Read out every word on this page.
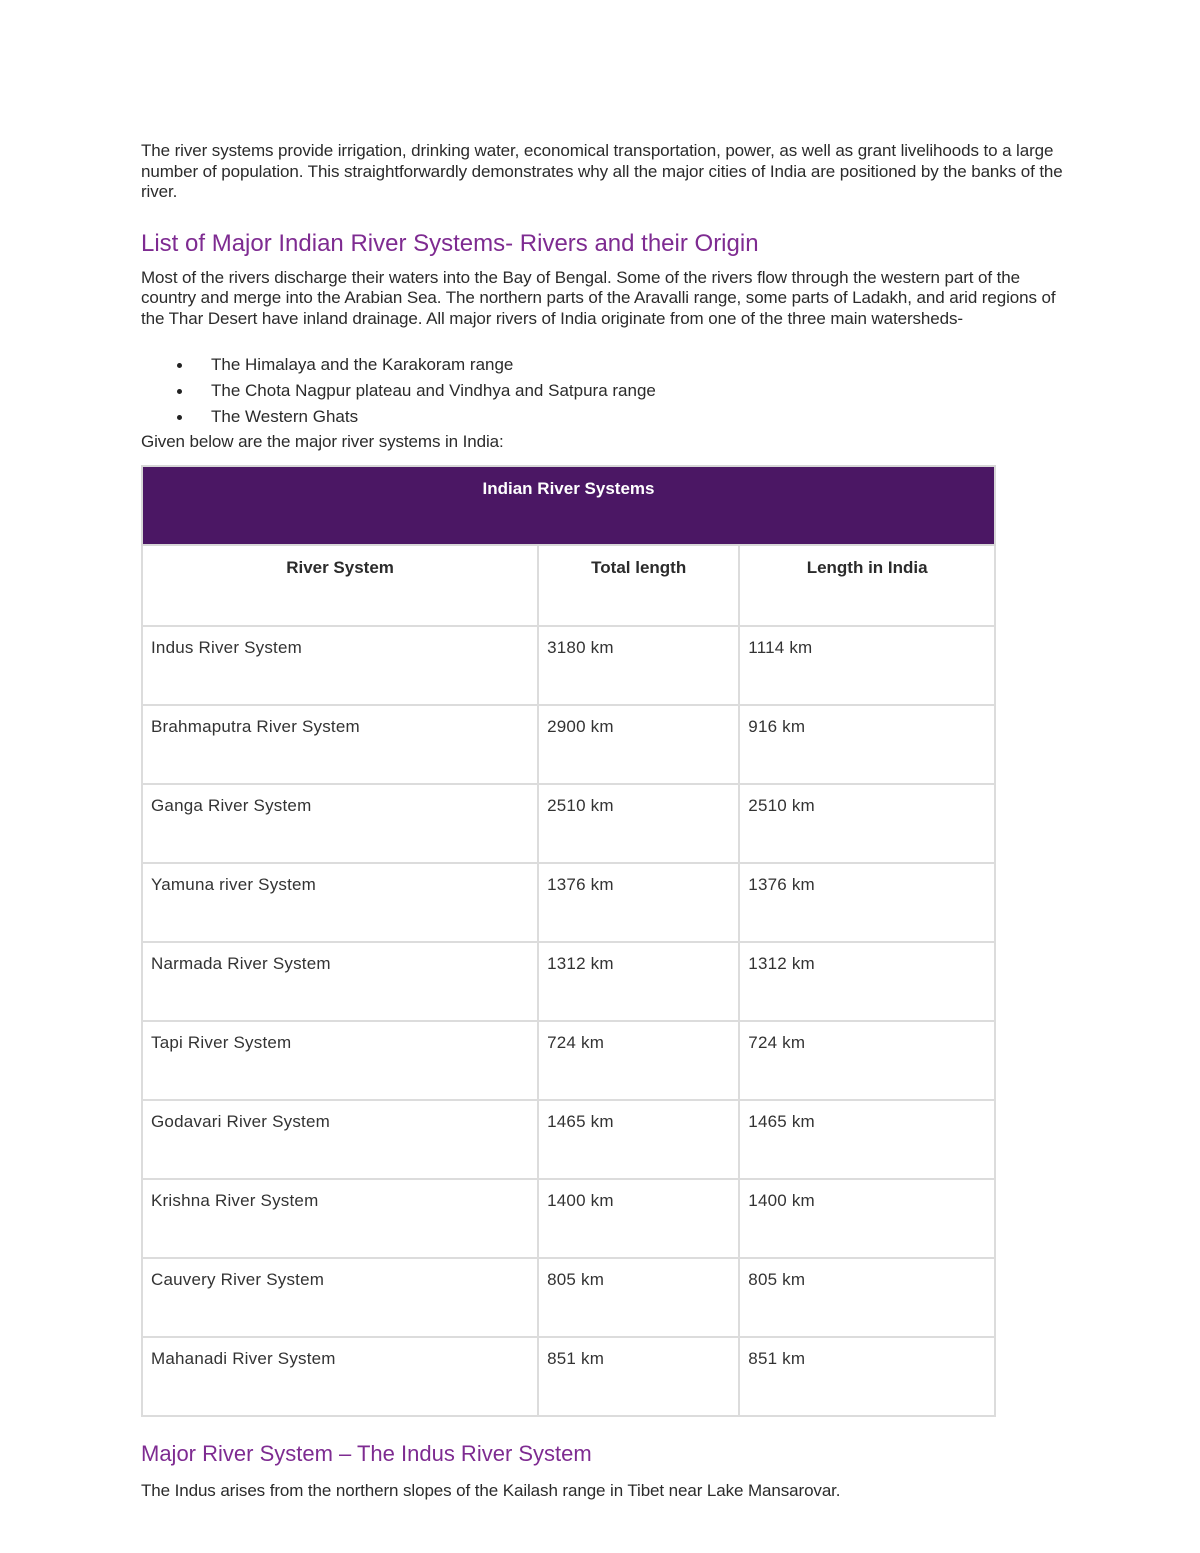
The river systems provide irrigation, drinking water, economical transportation, power, as well as grant livelihoods to a large number of population. This straightforwardly demonstrates why all the major cities of India are positioned by the banks of the river.

List of Major Indian River Systems- Rivers and their Origin

Most of the rivers discharge their waters into the Bay of Bengal. Some of the rivers flow through the western part of the country and merge into the Arabian Sea. The northern parts of the Aravalli range, some parts of Ladakh, and arid regions of the Thar Desert have inland drainage. All major rivers of India originate from one of the three main watersheds-

The Himalaya and the Karakoram range
The Chota Nagpur plateau and Vindhya and Satpura range
The Western Ghats

Given below are the major river systems in India:

Indian River Systems		
River System	Total length	Length in India
Indus River System	3180 km	1114 km
Brahmaputra River System	2900 km	916 km
Ganga River System	2510 km	2510 km
Yamuna river System	1376 km	1376 km
Narmada River System	1312 km	1312 km
Tapi River System	724 km	724 km
Godavari River System	1465 km	1465 km
Krishna River System	1400 km	1400 km
Cauvery River System	805 km	805 km
Mahanadi River System	851 km	851 km
Major River System – The Indus River System

The Indus arises from the northern slopes of the Kailash range in Tibet near Lake Mansarovar.
